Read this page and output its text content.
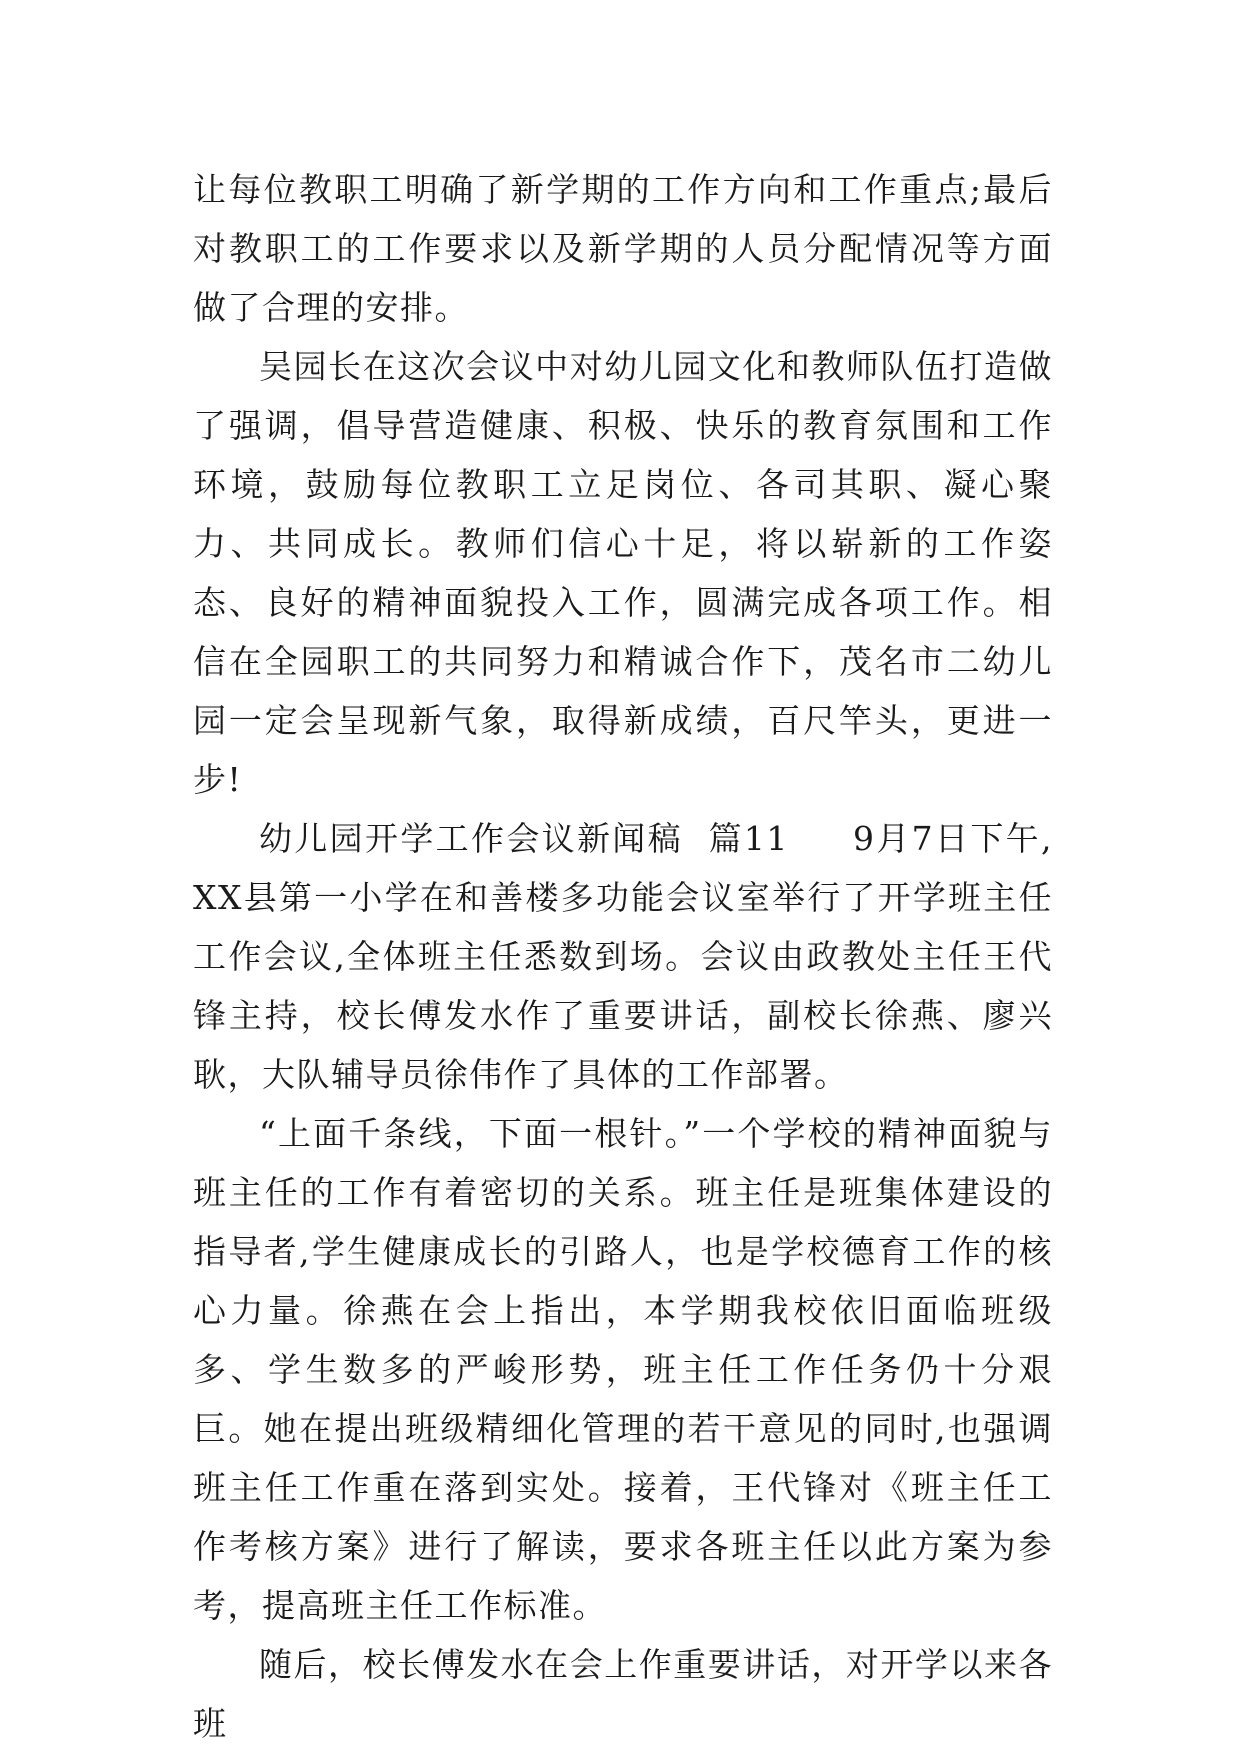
让每位教职工明确了新学期的工作方向和工作重点;最后对教职工的工作要求以及新学期的人员分配情况等方面做了合理的安排。

吴园长在这次会议中对幼儿园文化和教师队伍打造做了强调，倡导营造健康、积极、快乐的教育氛围和工作环境，鼓励每位教职工立足岗位、各司其职、凝心聚力、共同成长。教师们信心十足，将以崭新的工作姿态、良好的精神面貌投入工作，圆满完成各项工作。相信在全园职工的共同努力和精诚合作下，茂名市二幼儿园一定会呈现新气象，取得新成绩，百尺竿头，更进一步!

幼儿园开学工作会议新闻稿  篇11     9月7日下午,XX县第一小学在和善楼多功能会议室举行了开学班主任工作会议,全体班主任悉数到场。会议由政教处主任王代锋主持，校长傅发水作了重要讲话，副校长徐燕、廖兴耿，大队辅导员徐伟作了具体的工作部署。

“上面千条线，下面一根针。”一个学校的精神面貌与班主任的工作有着密切的关系。班主任是班集体建设的指导者,学生健康成长的引路人，也是学校德育工作的核心力量。徐燕在会上指出，本学期我校依旧面临班级多、学生数多的严峻形势，班主任工作任务仍十分艰巨。她在提出班级精细化管理的若干意见的同时,也强调班主任工作重在落到实处。接着，王代锋对《班主任工作考核方案》进行了解读，要求各班主任以此方案为参考，提高班主任工作标准。

随后，校长傅发水在会上作重要讲话，对开学以来各班
